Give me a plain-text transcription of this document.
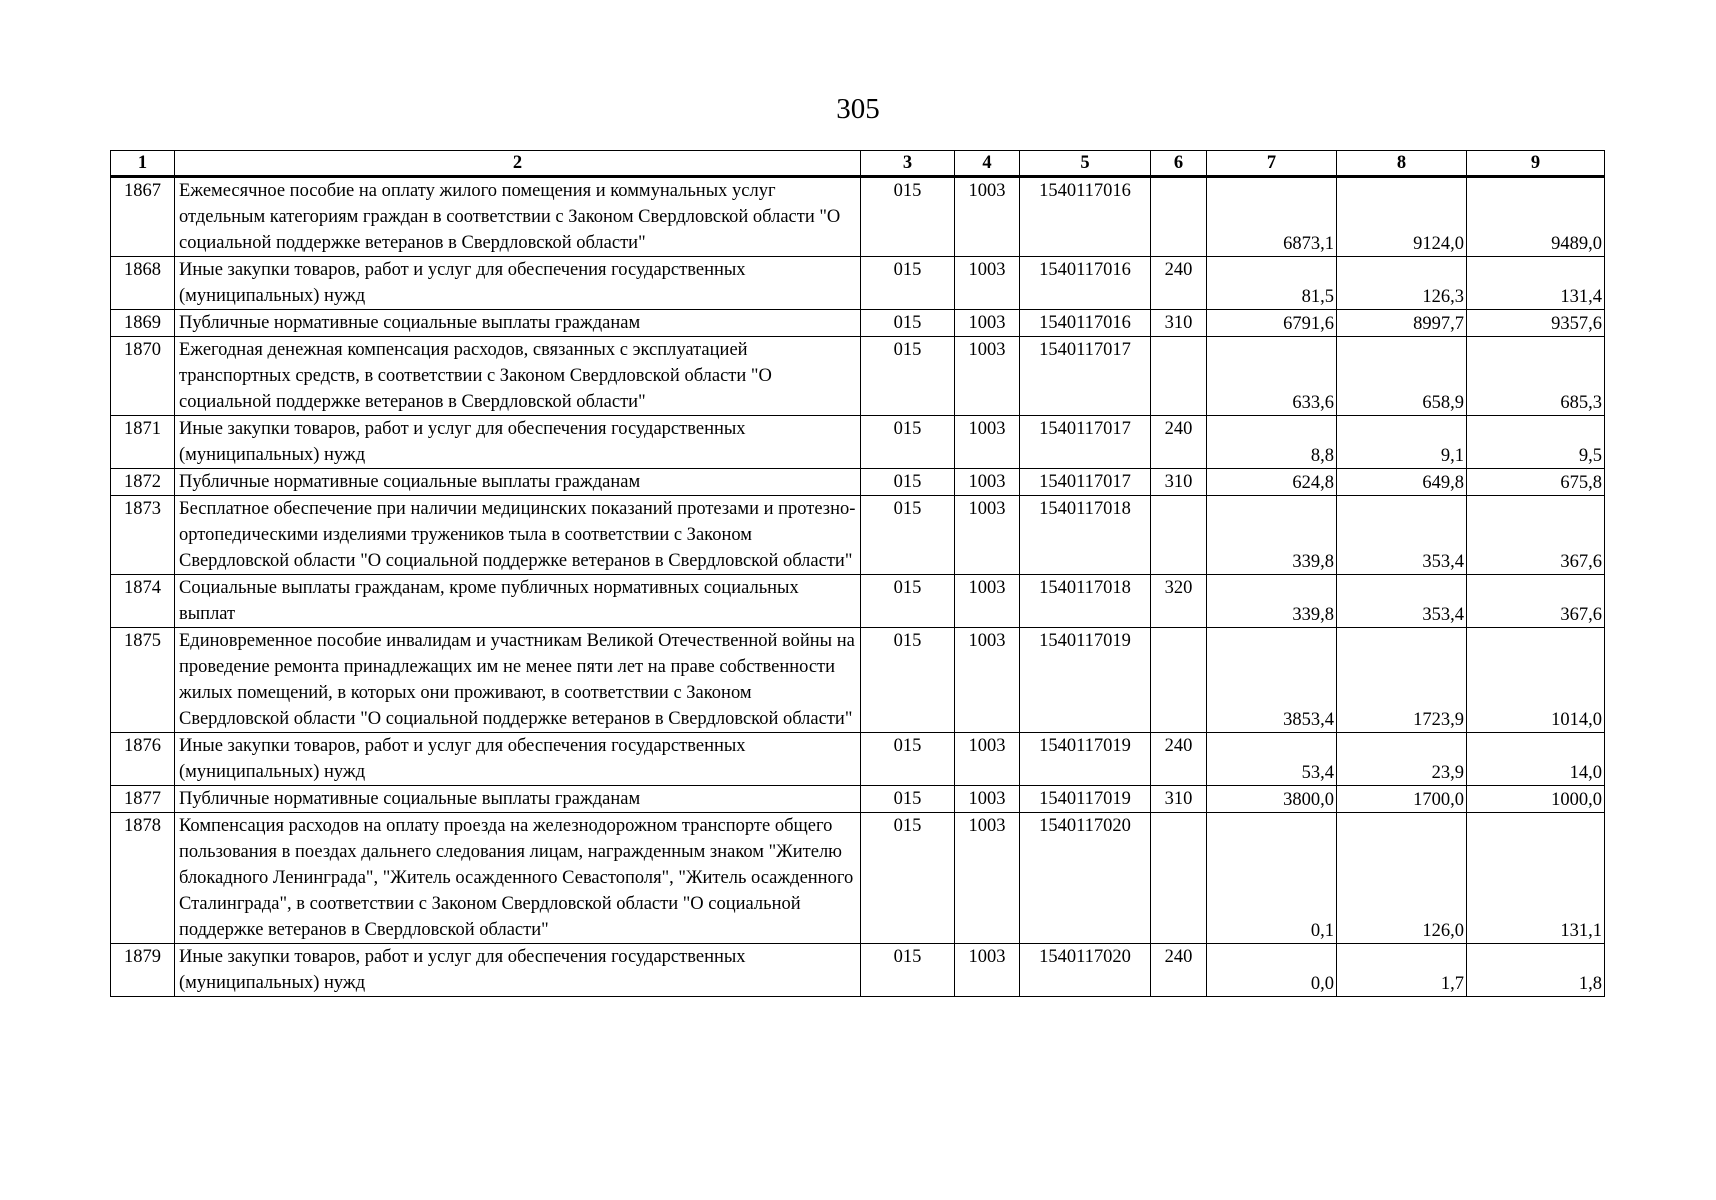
305
1	2	3	4	5	6	7	8	9
1867	Ежемесячное пособие на оплату жилого помещения и коммунальных услуг отдельным категориям граждан в соответствии с Законом Свердловской области "О социальной поддержке ветеранов в Свердловской области"	015	1003	1540117016		6873,1	9124,0	9489,0
1868	Иные закупки товаров, работ и услуг для обеспечения государственных (муниципальных) нужд	015	1003	1540117016	240	81,5	126,3	131,4
1869	Публичные нормативные социальные выплаты гражданам	015	1003	1540117016	310	6791,6	8997,7	9357,6
1870	Ежегодная денежная компенсация расходов, связанных с эксплуатацией транспортных средств, в соответствии с Законом Свердловской области "О социальной поддержке ветеранов в Свердловской области"	015	1003	1540117017		633,6	658,9	685,3
1871	Иные закупки товаров, работ и услуг для обеспечения государственных (муниципальных) нужд	015	1003	1540117017	240	8,8	9,1	9,5
1872	Публичные нормативные социальные выплаты гражданам	015	1003	1540117017	310	624,8	649,8	675,8
1873	Бесплатное обеспечение при наличии медицинских показаний протезами и протезно-ортопедическими изделиями тружеников тыла в соответствии с Законом Свердловской области "О социальной поддержке ветеранов в Свердловской области"	015	1003	1540117018		339,8	353,4	367,6
1874	Социальные выплаты гражданам, кроме публичных нормативных социальных выплат	015	1003	1540117018	320	339,8	353,4	367,6
1875	Единовременное пособие инвалидам и участникам Великой Отечественной войны на проведение ремонта принадлежащих им не менее пяти лет на праве собственности жилых помещений, в которых они проживают, в соответствии с Законом Свердловской области "О социальной поддержке ветеранов в Свердловской области"	015	1003	1540117019		3853,4	1723,9	1014,0
1876	Иные закупки товаров, работ и услуг для обеспечения государственных (муниципальных) нужд	015	1003	1540117019	240	53,4	23,9	14,0
1877	Публичные нормативные социальные выплаты гражданам	015	1003	1540117019	310	3800,0	1700,0	1000,0
1878	Компенсация расходов на оплату проезда на железнодорожном транспорте общего пользования в поездах дальнего следования лицам, награжденным знаком "Жителю блокадного Ленинграда", "Житель осажденного Севастополя", "Житель осажденного Сталинграда", в соответствии с Законом Свердловской области "О социальной поддержке ветеранов в Свердловской области"	015	1003	1540117020		0,1	126,0	131,1
1879	Иные закупки товаров, работ и услуг для обеспечения государственных (муниципальных) нужд	015	1003	1540117020	240	0,0	1,7	1,8
